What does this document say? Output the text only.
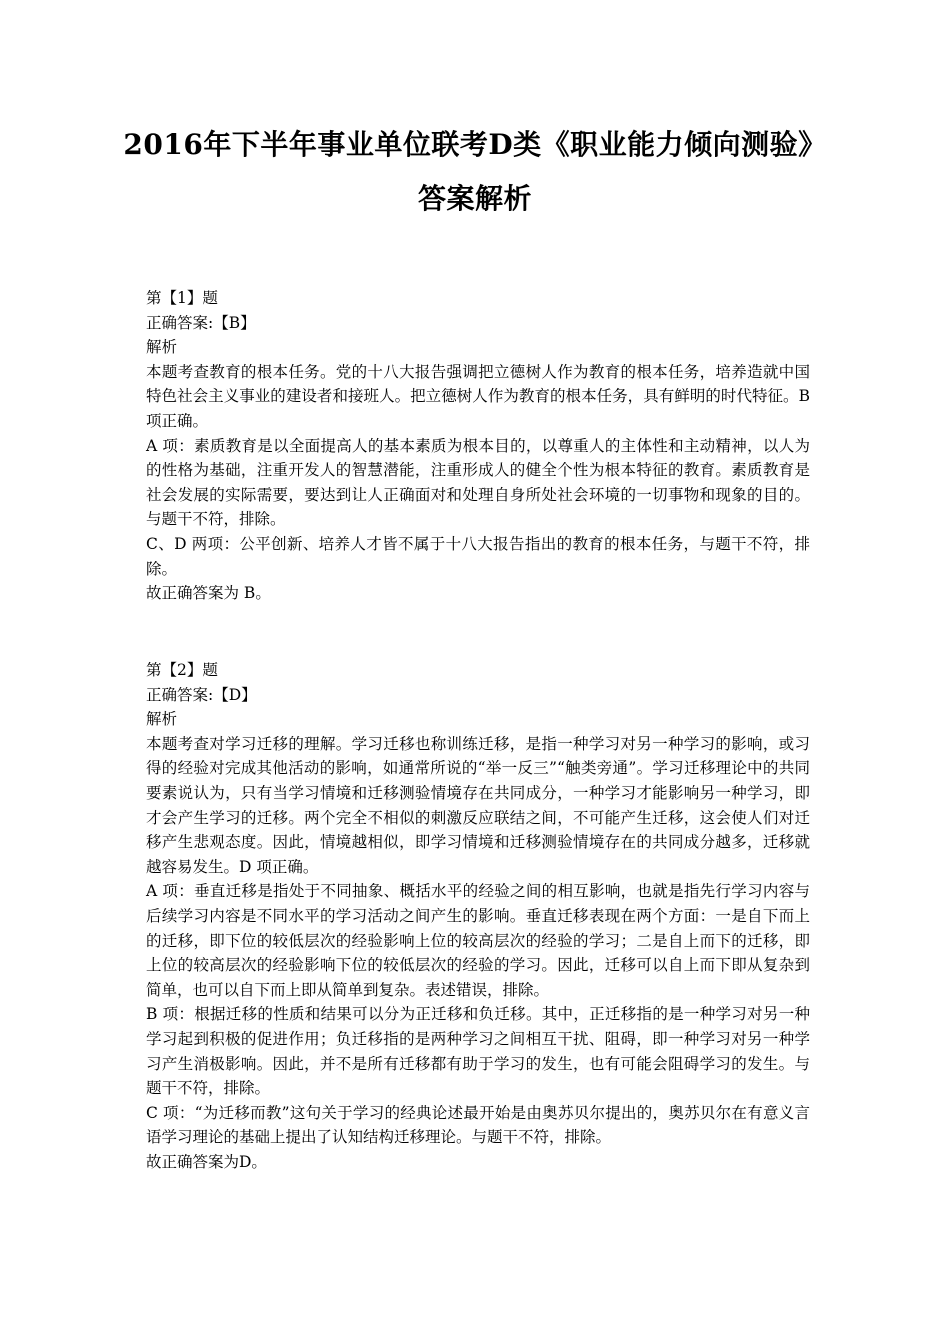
2016年下半年事业单位联考D类《职业能力倾向测验》
答案解析

第【1】题

正确答案:【B】

解析

本题考查教育的根本任务。党的十八大报告强调把立德树人作为教育的根本任务，培养造就中国特色社会主义事业的建设者和接班人。把立德树人作为教育的根本任务，具有鲜明的时代特征。B 项正确。

A 项：素质教育是以全面提高人的基本素质为根本目的，以尊重人的主体性和主动精神，以人为的性格为基础，注重开发人的智慧潜能，注重形成人的健全个性为根本特征的教育。素质教育是社会发展的实际需要，要达到让人正确面对和处理自身所处社会环境的一切事物和现象的目的。与题干不符，排除。

C、D 两项：公平创新、培养人才皆不属于十八大报告指出的教育的根本任务，与题干不符，排除。

故正确答案为 B。

第【2】题

正确答案:【D】

解析

本题考查对学习迁移的理解。学习迁移也称训练迁移，是指一种学习对另一种学习的影响，或习得的经验对完成其他活动的影响，如通常所说的“举一反三”“触类旁通”。学习迁移理论中的共同要素说认为，只有当学习情境和迁移测验情境存在共同成分，一种学习才能影响另一种学习，即才会产生学习的迁移。两个完全不相似的刺激反应联结之间，不可能产生迁移，这会使人们对迁移产生悲观态度。因此，情境越相似，即学习情境和迁移测验情境存在的共同成分越多，迁移就越容易发生。D 项正确。

A 项：垂直迁移是指处于不同抽象、概括水平的经验之间的相互影响，也就是指先行学习内容与后续学习内容是不同水平的学习活动之间产生的影响。垂直迁移表现在两个方面：一是自下而上的迁移，即下位的较低层次的经验影响上位的较高层次的经验的学习；二是自上而下的迁移，即上位的较高层次的经验影响下位的较低层次的经验的学习。因此，迁移可以自上而下即从复杂到简单，也可以自下而上即从简单到复杂。表述错误，排除。

B 项：根据迁移的性质和结果可以分为正迁移和负迁移。其中，正迁移指的是一种学习对另一种学习起到积极的促进作用；负迁移指的是两种学习之间相互干扰、阻碍，即一种学习对另一种学习产生消极影响。因此，并不是所有迁移都有助于学习的发生，也有可能会阻碍学习的发生。与题干不符，排除。

C 项：“为迁移而教”这句关于学习的经典论述最开始是由奥苏贝尔提出的，奥苏贝尔在有意义言语学习理论的基础上提出了认知结构迁移理论。与题干不符，排除。

故正确答案为D。
